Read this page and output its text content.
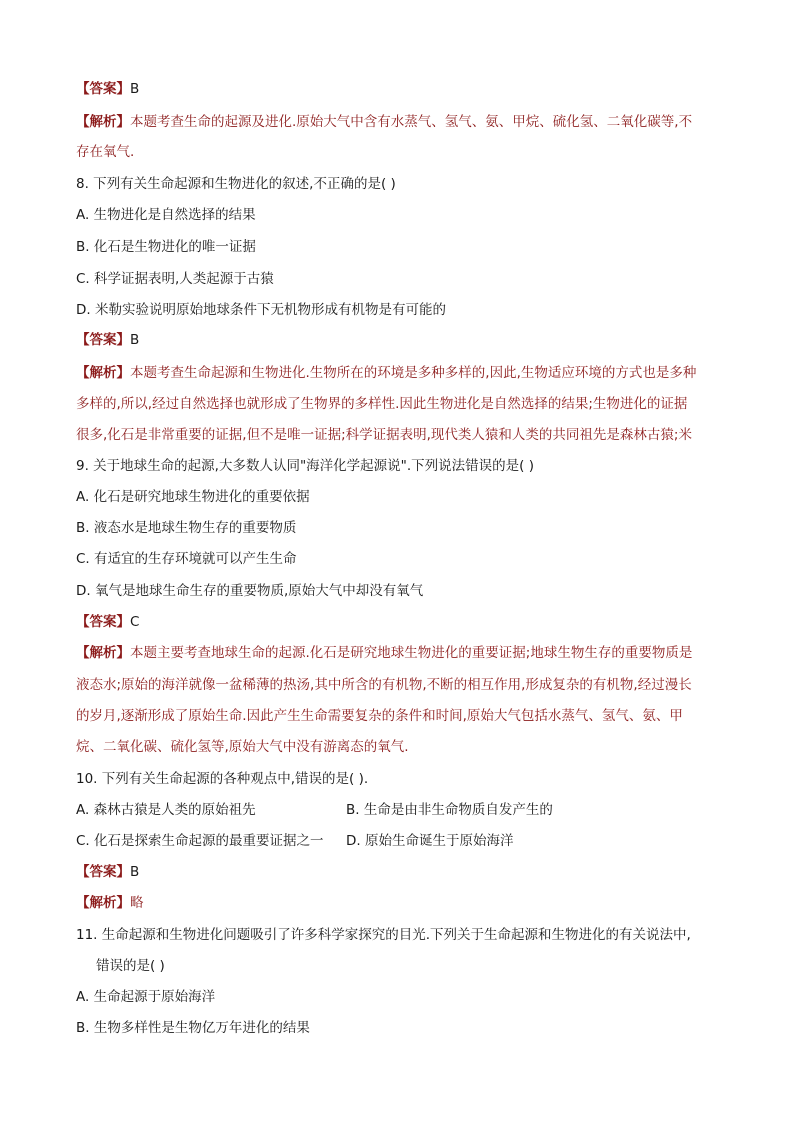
【答案】B
【解析】本题考查生命的起源及进化.原始大气中含有水蒸气、氢气、氨、甲烷、硫化氢、二氧化碳等,不
存在氧气.
8. 下列有关生命起源和生物进化的叙述,不正确的是( )
A. 生物进化是自然选择的结果
B. 化石是生物进化的唯一证据
C. 科学证据表明,人类起源于古猿
D. 米勒实验说明原始地球条件下无机物形成有机物是有可能的
【答案】B
【解析】本题考查生命起源和生物进化.生物所在的环境是多种多样的,因此,生物适应环境的方式也是多种
多样的,所以,经过自然选择也就形成了生物界的多样性.因此生物进化是自然选择的结果;生物进化的证据
很多,化石是非常重要的证据,但不是唯一证据;科学证据表明,现代类人猿和人类的共同祖先是森林古猿;米
9. 关于地球生命的起源,大多数人认同"海洋化学起源说".下列说法错误的是( )
A. 化石是研究地球生物进化的重要依据
B. 液态水是地球生物生存的重要物质
C. 有适宜的生存环境就可以产生生命
D. 氧气是地球生命生存的重要物质,原始大气中却没有氧气
【答案】C
【解析】本题主要考查地球生命的起源.化石是研究地球生物进化的重要证据;地球生物生存的重要物质是
液态水;原始的海洋就像一盆稀薄的热汤,其中所含的有机物,不断的相互作用,形成复杂的有机物,经过漫长
的岁月,逐渐形成了原始生命.因此产生生命需要复杂的条件和时间,原始大气包括水蒸气、氢气、氨、甲
烷、二氧化碳、硫化氢等,原始大气中没有游离态的氧气.
10. 下列有关生命起源的各种观点中,错误的是( ).
A. 森林古猿是人类的原始祖先	B. 生命是由非生命物质自发产生的
C. 化石是探索生命起源的最重要证据之一 D. 原始生命诞生于原始海洋
【答案】B
【解析】略
11. 生命起源和生物进化问题吸引了许多科学家探究的目光.下列关于生命起源和生物进化的有关说法中,
错误的是( )
A. 生命起源于原始海洋
B. 生物多样性是生物亿万年进化的结果
